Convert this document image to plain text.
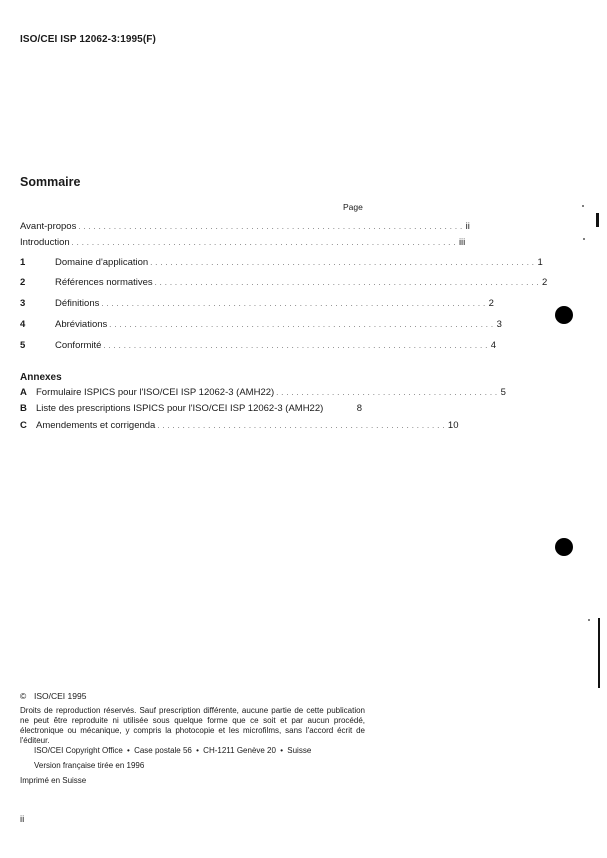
ISO/CEI ISP 12062-3:1995(F)
Sommaire
Page
Avant-propos . . . . . . . . . . . . . . . . . . . . . . . . . . . . . . . . . . . . . . . . . . . . . . . . . . . . . . . . . . . . . . . . . . . . . . . . . . . . ii
Introduction . . . . . . . . . . . . . . . . . . . . . . . . . . . . . . . . . . . . . . . . . . . . . . . . . . . . . . . . . . . . . . . . . . . . . . . . . . . . iii
1	Domaine d'application . . . . . . . . . . . . . . . . . . . . . . . . . . . . . . . . . . . . . . . . . . . . . . . . . . . . . . . . . . . . . . . . . . . . . . . . . . . . 1
2	Références normatives . . . . . . . . . . . . . . . . . . . . . . . . . . . . . . . . . . . . . . . . . . . . . . . . . . . . . . . . . . . . . . . . . . . . . . . . . . . . 2
3	Définitions . . . . . . . . . . . . . . . . . . . . . . . . . . . . . . . . . . . . . . . . . . . . . . . . . . . . . . . . . . . . . . . . . . . . . . . . . . . . 2
4	Abréviations . . . . . . . . . . . . . . . . . . . . . . . . . . . . . . . . . . . . . . . . . . . . . . . . . . . . . . . . . . . . . . . . . . . . . . . . . . . . 3
5	Conformité . . . . . . . . . . . . . . . . . . . . . . . . . . . . . . . . . . . . . . . . . . . . . . . . . . . . . . . . . . . . . . . . . . . . . . . . . . . . 4
Annexes
A Formulaire ISPICS pour l'ISO/CEI ISP 12062-3 (AMH22) . . . . . . . . . . . . . . . . . . . . . . . . . . . . . . . . . . . . . . . . . . . . 5
B Liste des prescriptions ISPICS pour l'ISO/CEI ISP 12062-3 (AMH22)	8
C Amendements et corrigenda . . . . . . . . . . . . . . . . . . . . . . . . . . . . . . . . . . . . . . . . . . . . . . . . . . . . . . . . . 10
© ISO/CEI 1995
Droits de reproduction réservés. Sauf prescription différente, aucune partie de cette publication ne peut être reproduite ni utilisée sous quelque forme que ce soit et par aucun procédé, électronique ou mécanique, y compris la photocopie et les microfilms, sans l'accord écrit de l'éditeur.
ISO/CEI Copyright Office • Case postale 56 • CH-1211 Genève 20 • Suisse
Version française tirée en 1996
Imprimé en Suisse
ii
